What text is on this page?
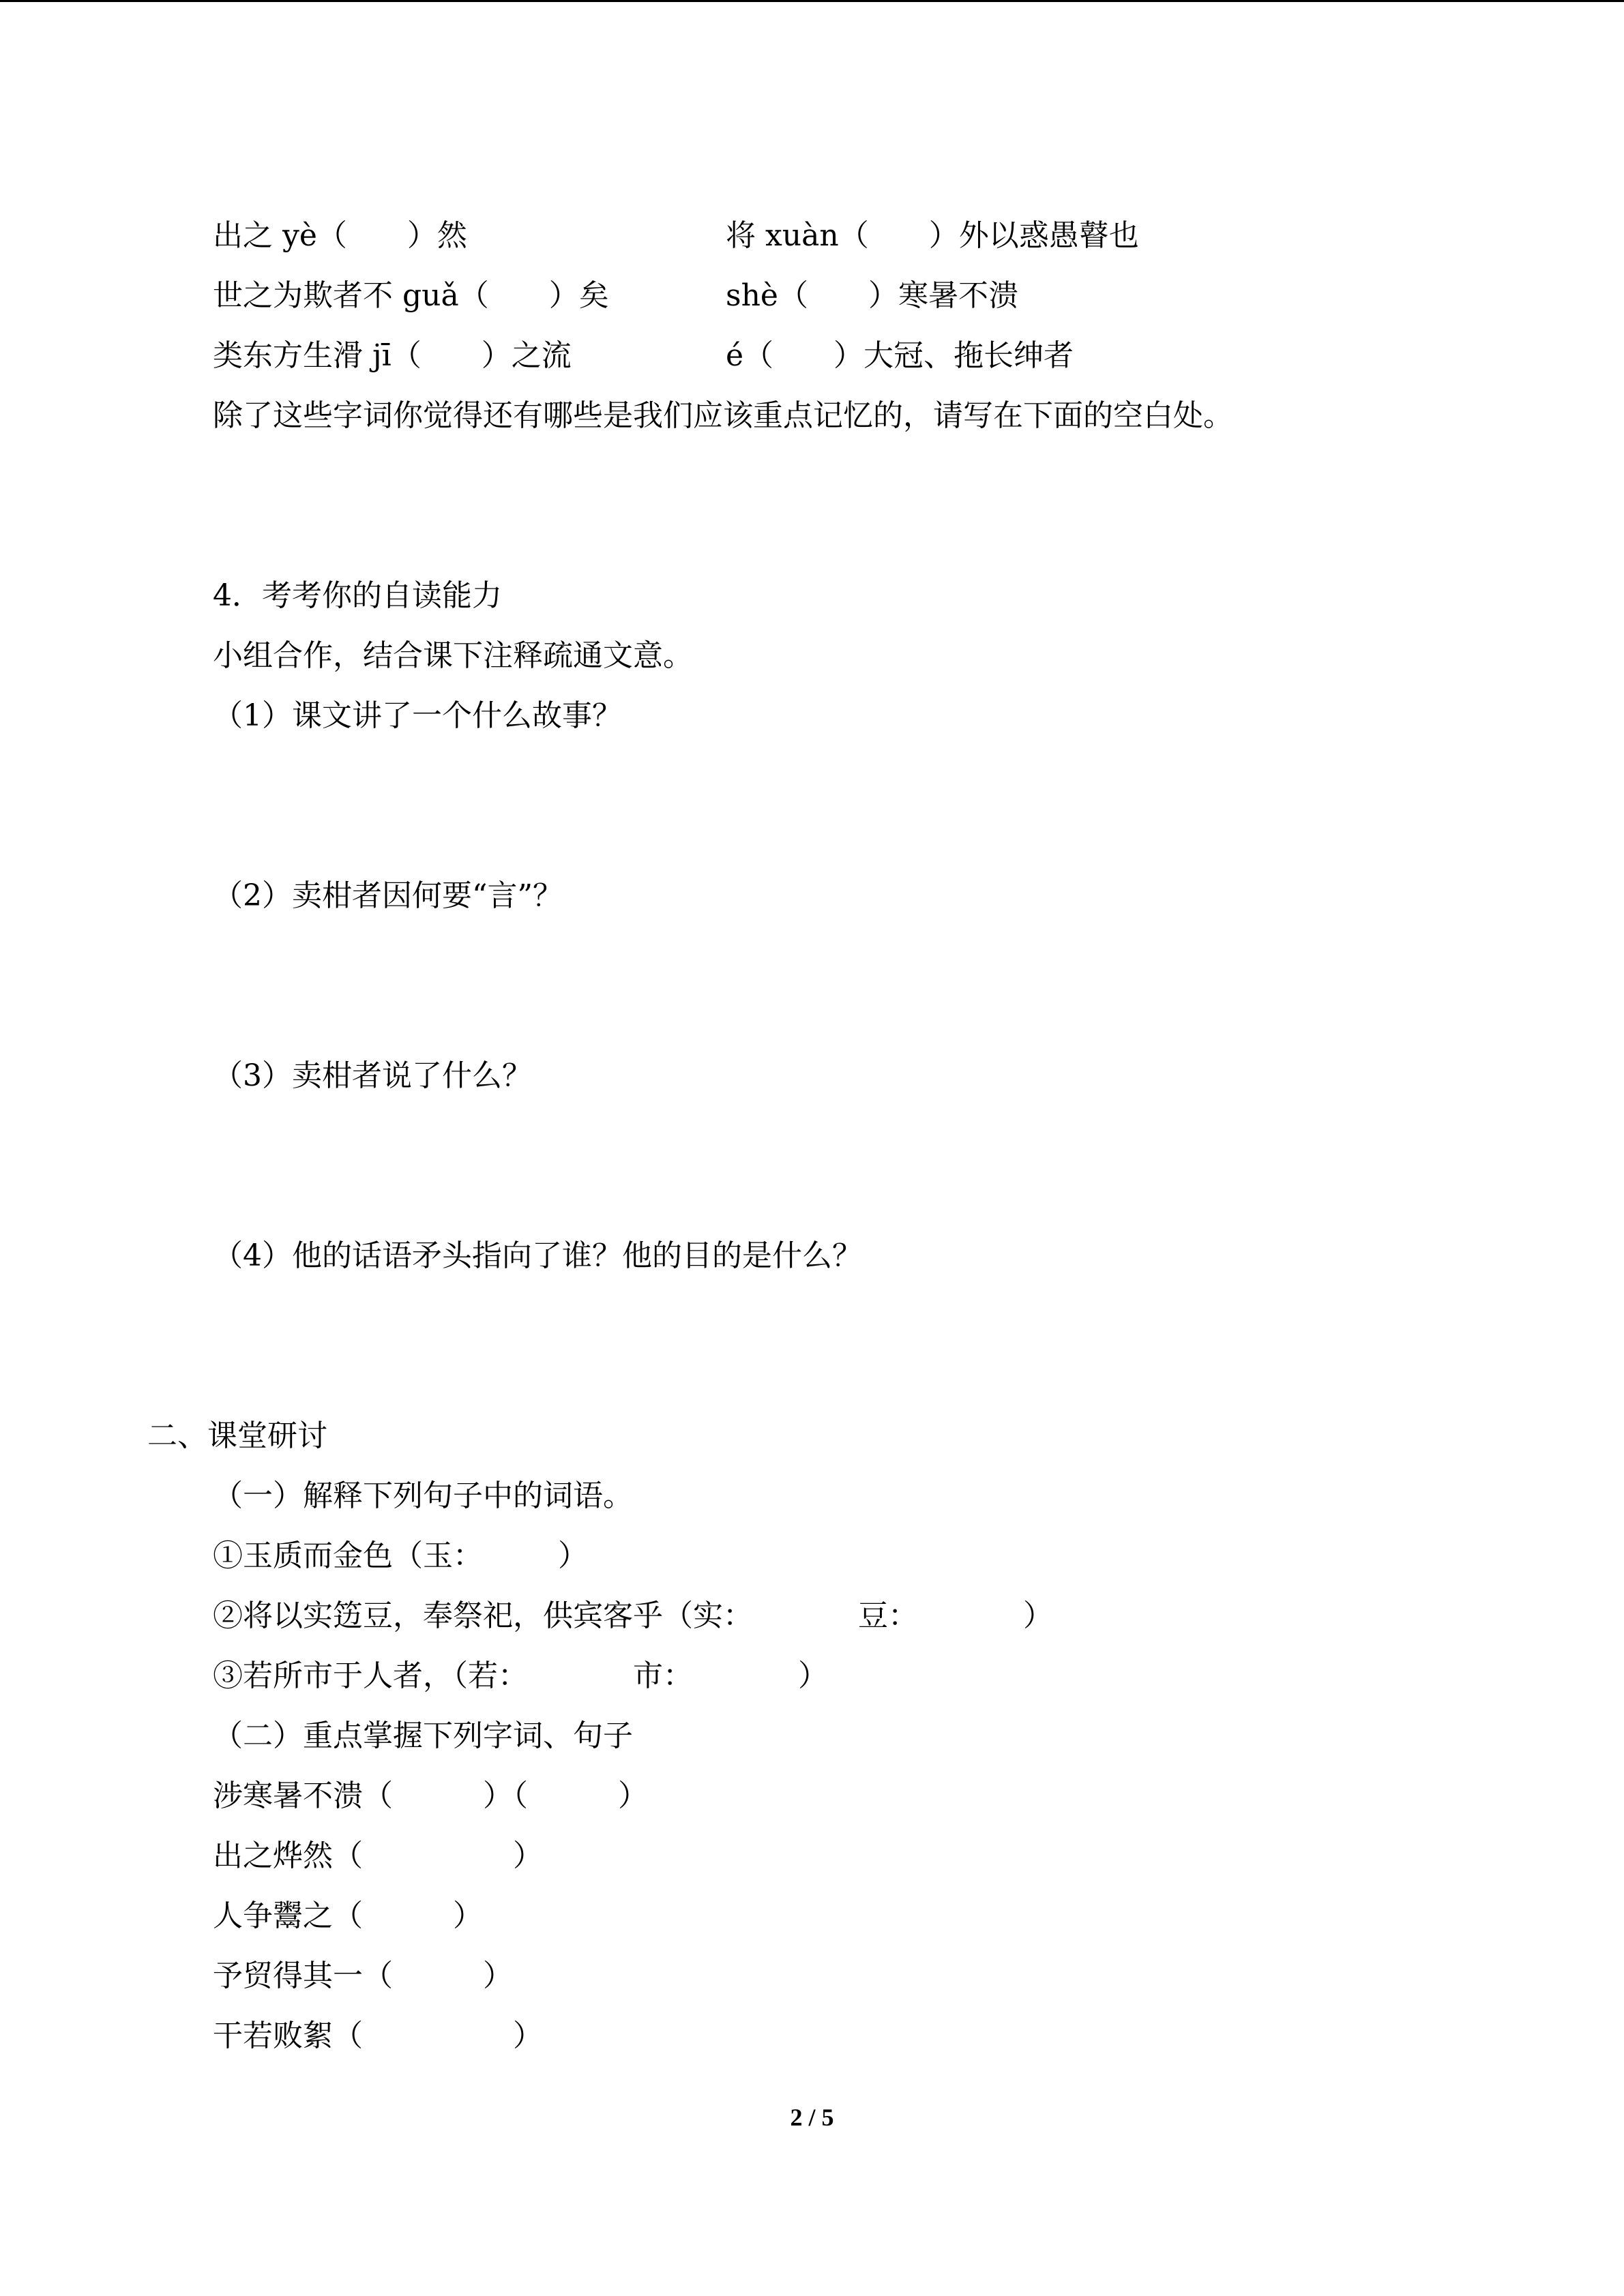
出之 yè（　　）然	将 xuàn（　　）外以惑愚瞽也
世之为欺者不 guǎ（　　）矣	shè（　　）寒暑不溃
类东方生滑 jī（　　）之流	é（　　）大冠、拖长绅者
除了这些字词你觉得还有哪些是我们应该重点记忆的，请写在下面的空白处。
4．考考你的自读能力
小组合作，结合课下注释疏通文意。
（1）课文讲了一个什么故事？
（2）卖柑者因何要“言”？
（3）卖柑者说了什么？
（4）他的话语矛头指向了谁？他的目的是什么？
二、课堂研讨
（一）解释下列句子中的词语。
①玉质而金色（玉：　　　）
②将以实笾豆，奉祭祀，供宾客乎（实：　　　　豆：　　　　）
③若所市于人者，（若：　　　　市：　　　　）
（二）重点掌握下列字词、句子
涉寒暑不溃（　　　）（　　　）
出之烨然（　　　　　）
人争鬻之（　　　）
予贸得其一（　　　）
干若败絮（　　　　　）
2 / 5
